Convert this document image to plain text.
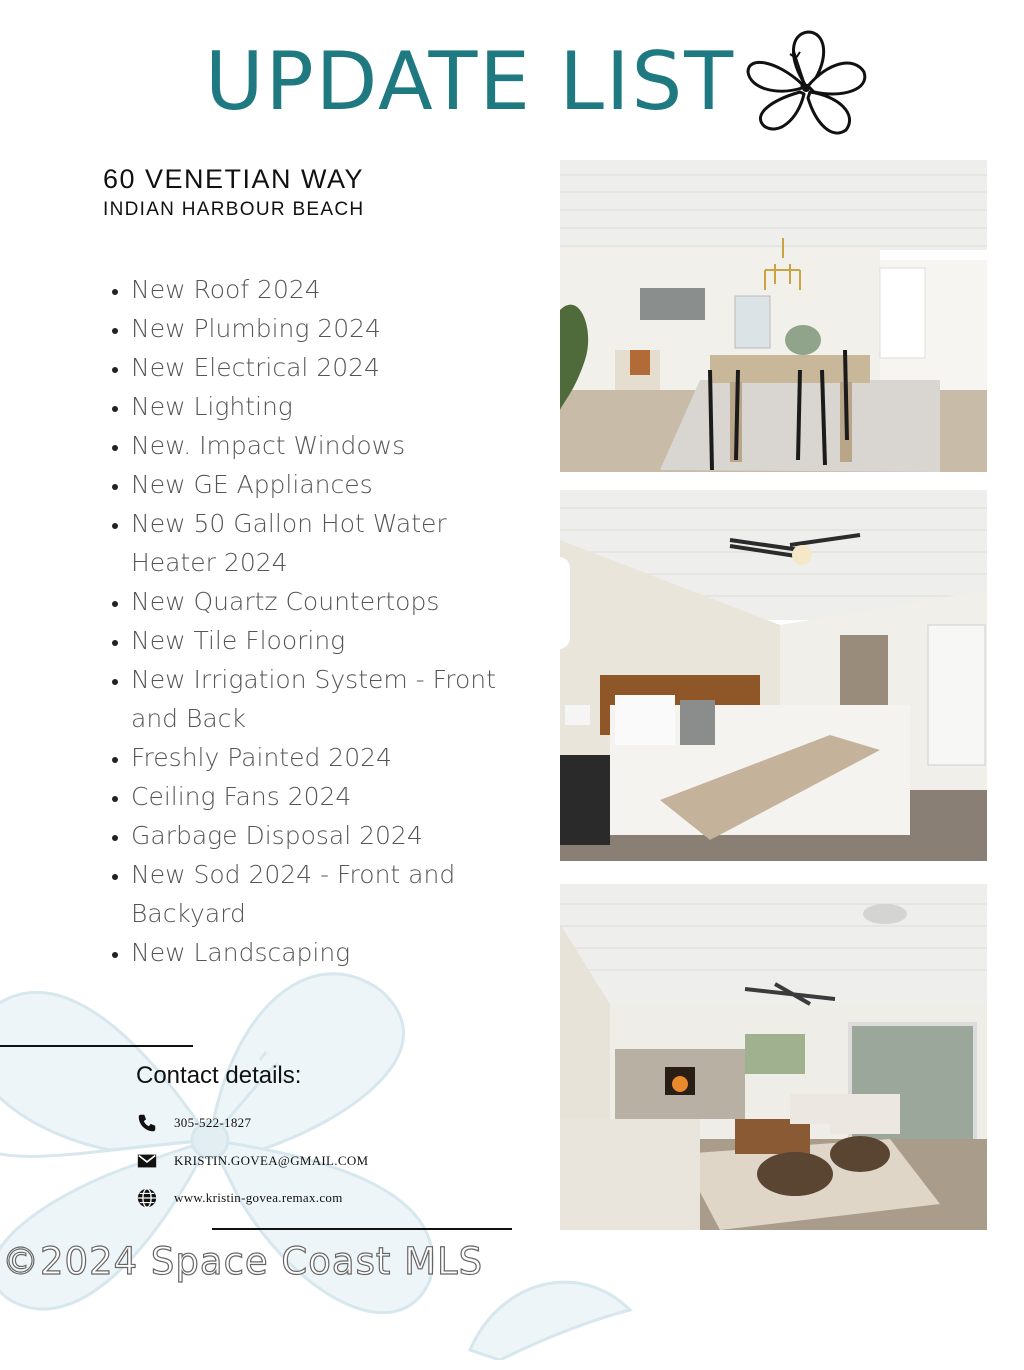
UPDATE LIST
60 VENETIAN WAY
INDIAN HARBOUR BEACH
• New Roof 2024
• New Plumbing 2024
• New Electrical 2024
• New Lighting
• New. Impact Windows
• New GE Appliances
• New 50 Gallon Hot Water Heater 2024
• New Quartz Countertops
• New Tile Flooring
• New Irrigation System - Front and Back
• Freshly Painted 2024
• Ceiling Fans 2024
• Garbage Disposal 2024
• New Sod 2024 - Front and Backyard
• New Landscaping
Contact details:
305-522-1827
KRISTIN.GOVEA@GMAIL.COM
www.kristin-govea.remax.com
©2024 Space Coast MLS
